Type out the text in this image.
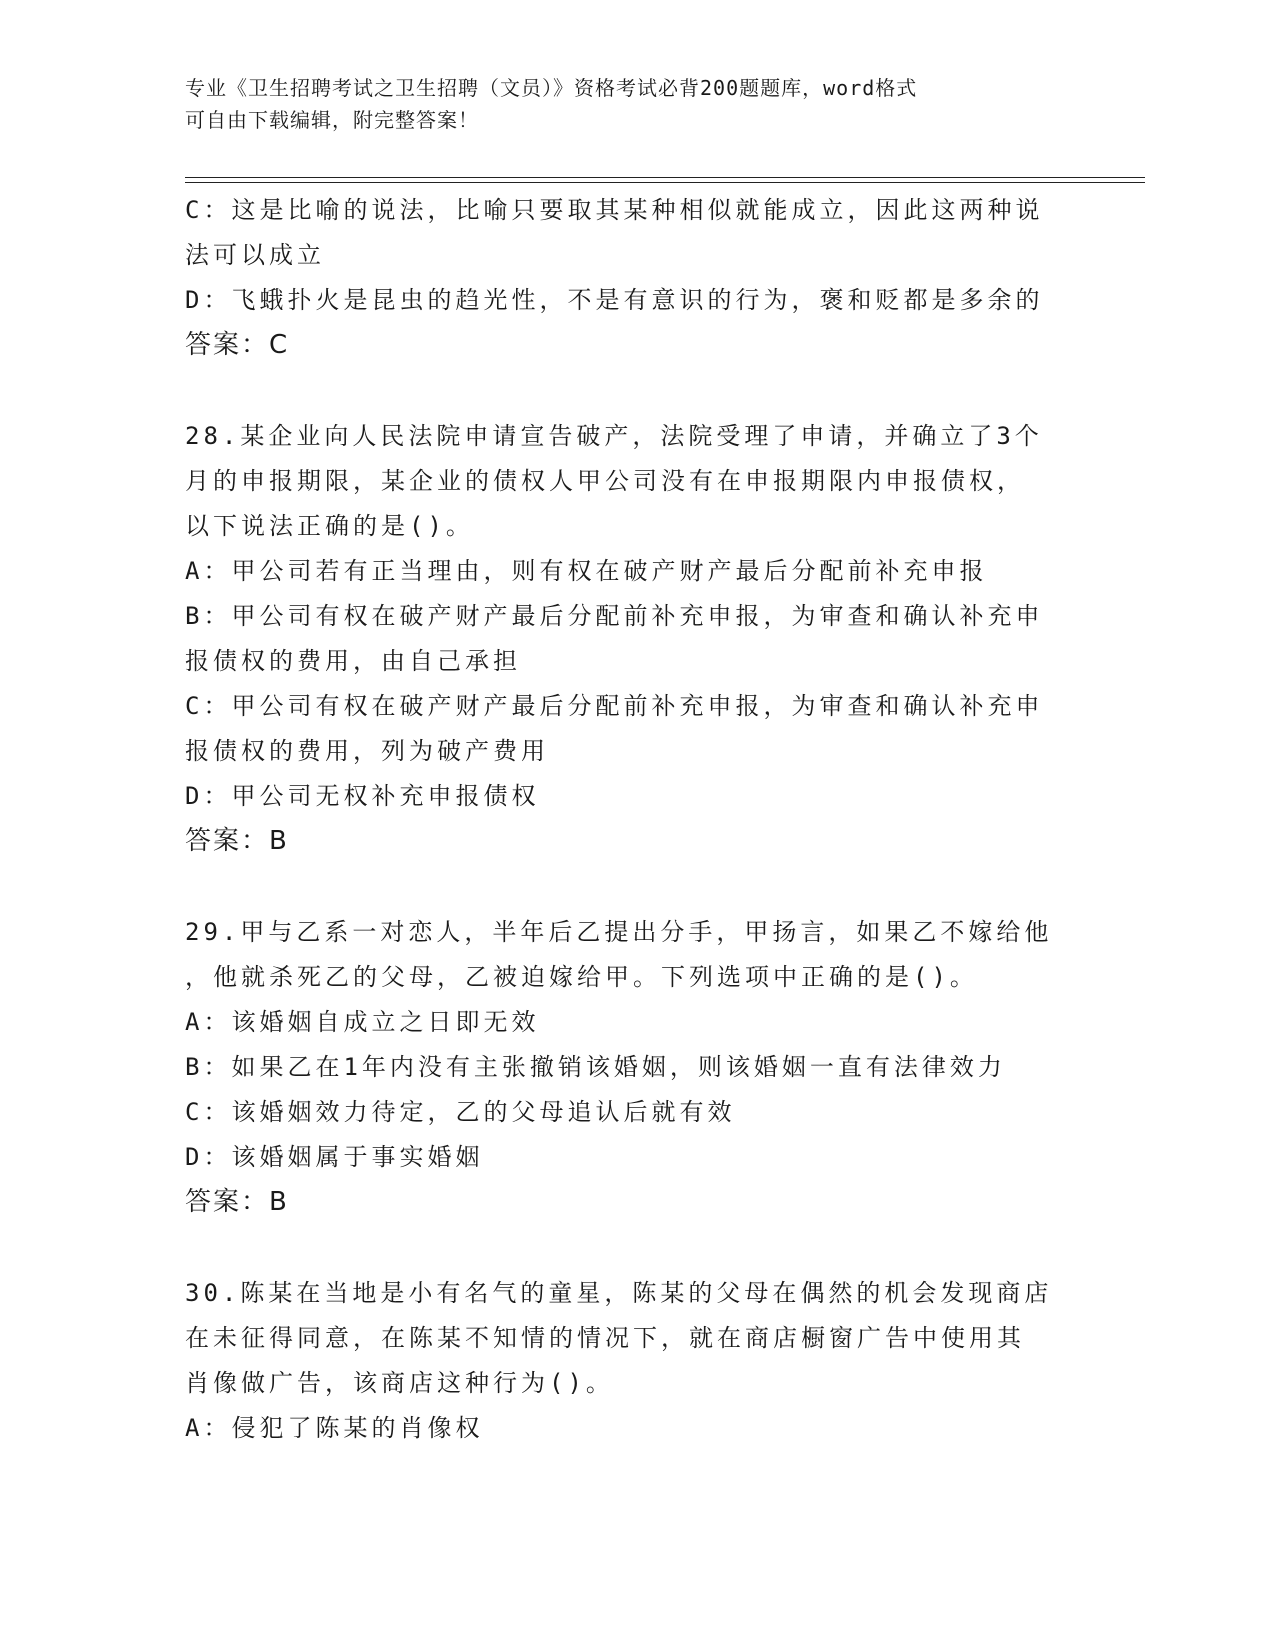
专业《卫生招聘考试之卫生招聘（文员）》资格考试必背200题题库，word格式
可自由下载编辑，附完整答案！
C：这是比喻的说法，比喻只要取其某种相似就能成立，因此这两种说
法可以成立
D：飞蛾扑火是昆虫的趋光性，不是有意识的行为，褒和贬都是多余的
答案：C
28.某企业向人民法院申请宣告破产，法院受理了申请，并确立了3个
月的申报期限，某企业的债权人甲公司没有在申报期限内申报债权，
以下说法正确的是()。
A：甲公司若有正当理由，则有权在破产财产最后分配前补充申报
B：甲公司有权在破产财产最后分配前补充申报，为审查和确认补充申
报债权的费用，由自己承担
C：甲公司有权在破产财产最后分配前补充申报，为审查和确认补充申
报债权的费用，列为破产费用
D：甲公司无权补充申报债权
答案：B
29.甲与乙系一对恋人，半年后乙提出分手，甲扬言，如果乙不嫁给他
，他就杀死乙的父母，乙被迫嫁给甲。下列选项中正确的是()。
A：该婚姻自成立之日即无效
B：如果乙在1年内没有主张撤销该婚姻，则该婚姻一直有法律效力
C：该婚姻效力待定，乙的父母追认后就有效
D：该婚姻属于事实婚姻
答案：B
30.陈某在当地是小有名气的童星，陈某的父母在偶然的机会发现商店
在未征得同意，在陈某不知情的情况下，就在商店橱窗广告中使用其
肖像做广告，该商店这种行为()。
A：侵犯了陈某的肖像权
